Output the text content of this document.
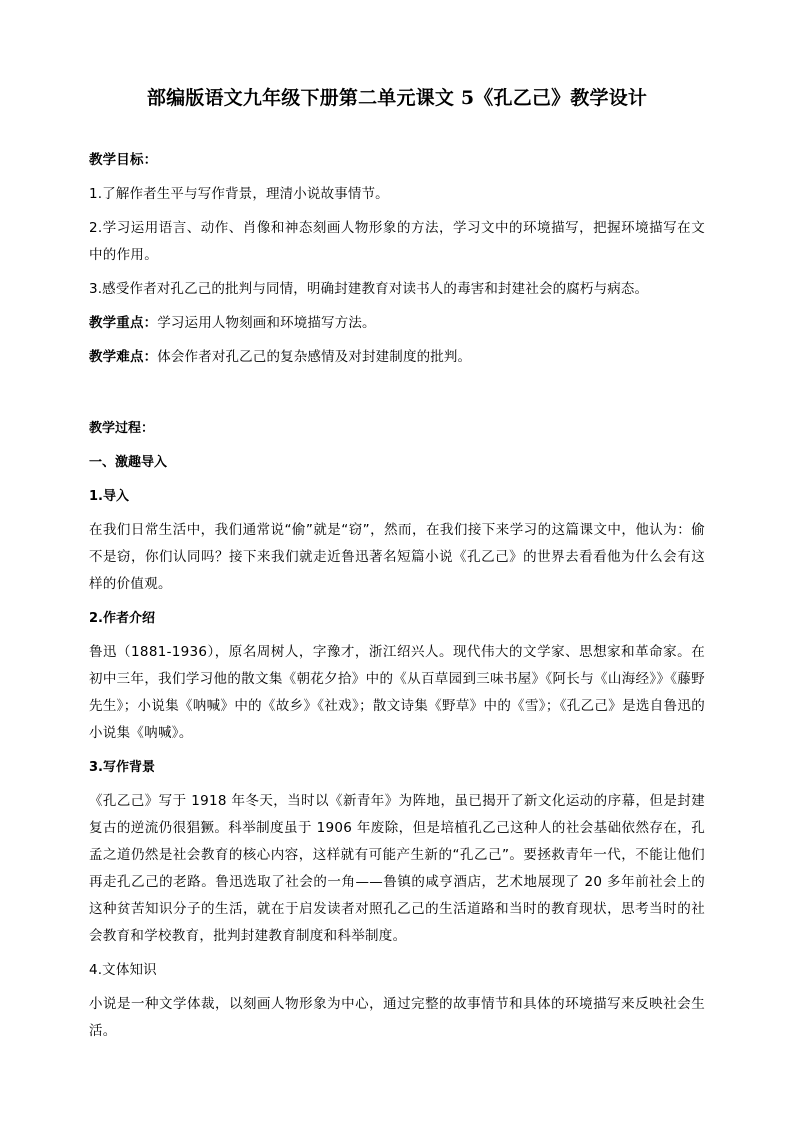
部编版语文九年级下册第二单元课文 5《孔乙己》教学设计

教学目标：

1.了解作者生平与写作背景，理清小说故事情节。

2.学习运用语言、动作、肖像和神态刻画人物形象的方法，学习文中的环境描写，把握环境描写在文中的作用。

3.感受作者对孔乙己的批判与同情，明确封建教育对读书人的毒害和封建社会的腐朽与病态。

教学重点：学习运用人物刻画和环境描写方法。

教学难点：体会作者对孔乙己的复杂感情及对封建制度的批判。

教学过程：

一、激趣导入

1.导入

在我们日常生活中，我们通常说“偷”就是“窃”，然而，在我们接下来学习的这篇课文中，他认为：偷不是窃，你们认同吗？接下来我们就走近鲁迅著名短篇小说《孔乙己》的世界去看看他为什么会有这样的价值观。

2.作者介绍

鲁迅（1881-1936），原名周树人，字豫才，浙江绍兴人。现代伟大的文学家、思想家和革命家。在初中三年，我们学习他的散文集《朝花夕拾》中的《从百草园到三味书屋》《阿长与《山海经》》《藤野先生》；小说集《呐喊》中的《故乡》《社戏》；散文诗集《野草》中的《雪》；《孔乙己》是选自鲁迅的小说集《呐喊》。

3.写作背景

《孔乙己》写于 1918 年冬天，当时以《新青年》为阵地，虽已揭开了新文化运动的序幕，但是封建复古的逆流仍很猖獗。科举制度虽于 1906 年废除，但是培植孔乙己这种人的社会基础依然存在，孔孟之道仍然是社会教育的核心内容，这样就有可能产生新的“孔乙己”。要拯救青年一代，不能让他们再走孔乙己的老路。鲁迅选取了社会的一角——鲁镇的咸亨酒店，艺术地展现了 20 多年前社会上的这种贫苦知识分子的生活，就在于启发读者对照孔乙己的生活道路和当时的教育现状，思考当时的社会教育和学校教育，批判封建教育制度和科举制度。

4.文体知识

小说是一种文学体裁，以刻画人物形象为中心，通过完整的故事情节和具体的环境描写来反映社会生活。
